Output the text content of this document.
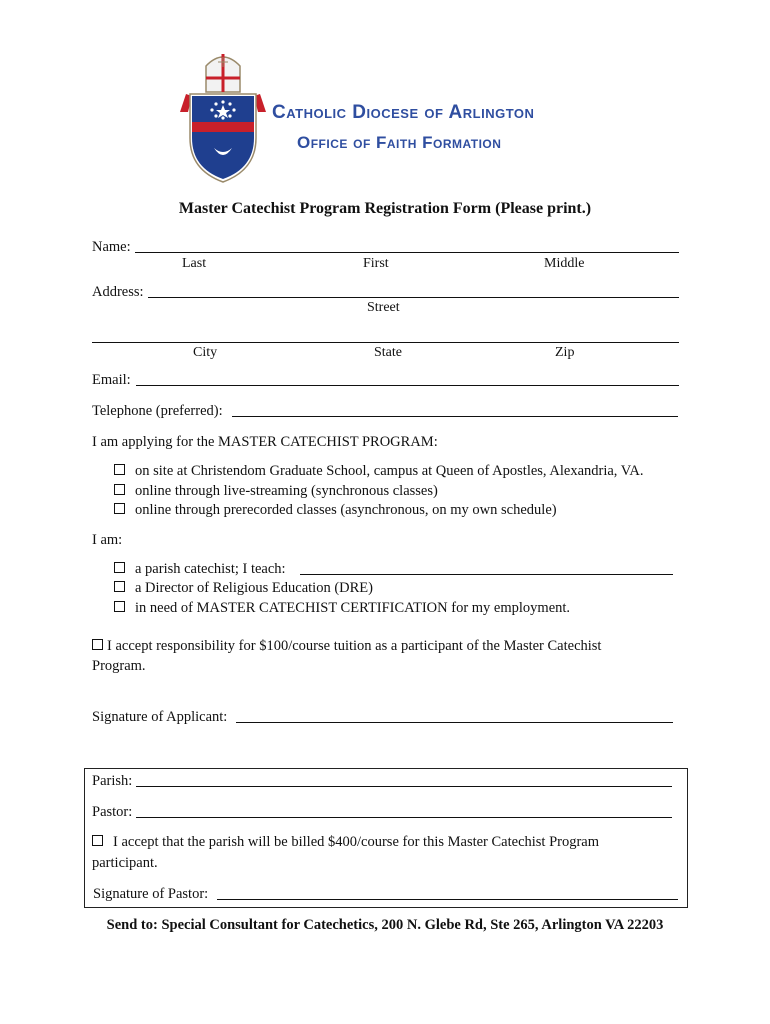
Catholic Diocese of Arlington
Office of Faith Formation
Master Catechist Program Registration Form (Please print.)
Name:
Last	First	Middle
Address:
Street
City	State	Zip
Email:
Telephone (preferred):
I am applying for the MASTER CATECHIST PROGRAM:
on site at Christendom Graduate School, campus at Queen of Apostles, Alexandria, VA.
online through live-streaming (synchronous classes)
online through prerecorded classes (asynchronous, on my own schedule)
I am:
a parish catechist; I teach:
a Director of Religious Education (DRE)
in need of MASTER CATECHIST CERTIFICATION for my employment.
I accept responsibility for $100/course tuition as a participant of the Master Catechist
Program.
Signature of Applicant:
Parish:
Pastor:
I accept that the parish will be billed $400/course for this Master Catechist Program
participant.
Signature of Pastor:
Send to: Special Consultant for Catechetics, 200 N. Glebe Rd, Ste 265, Arlington VA 22203
